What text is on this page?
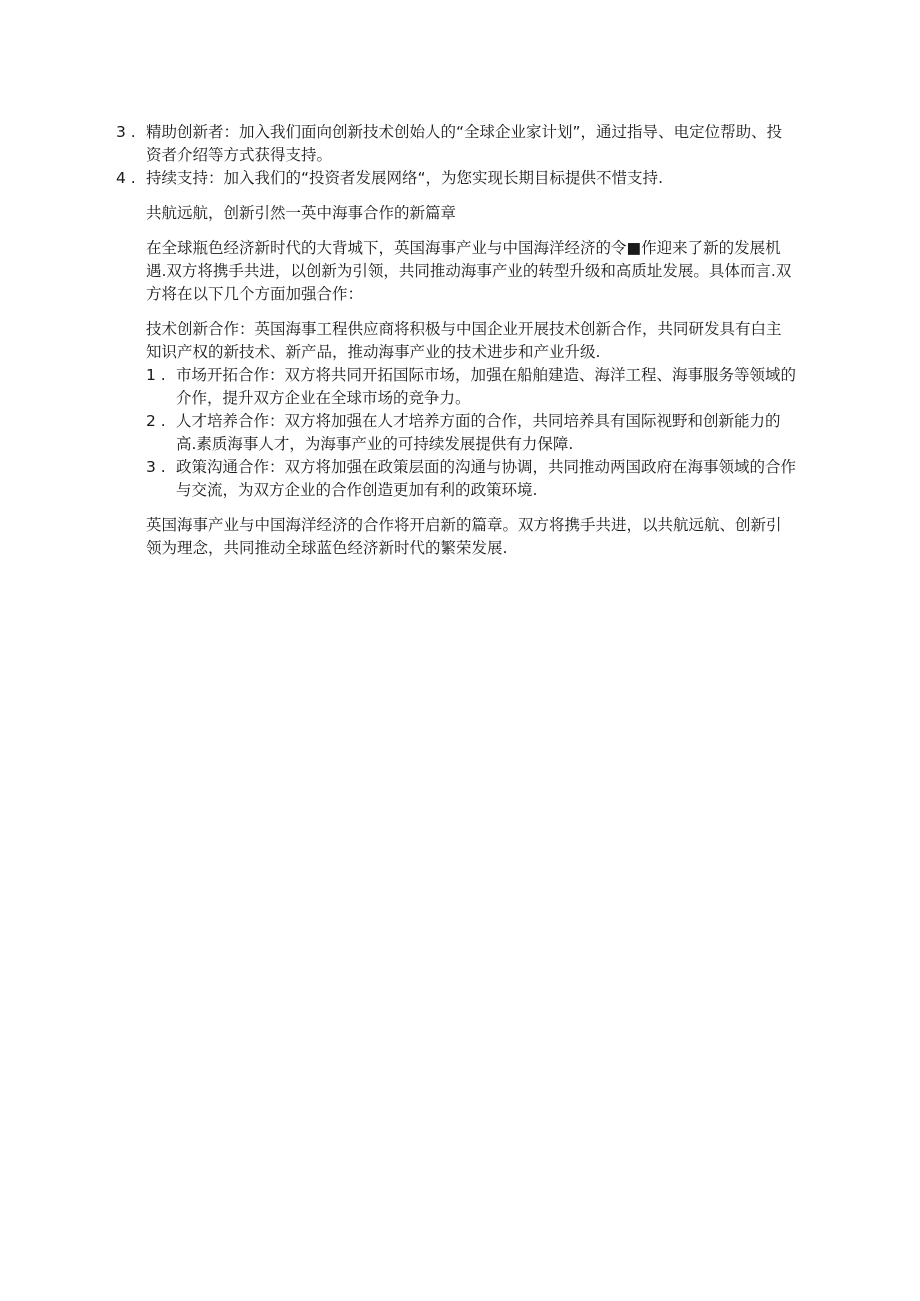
3 . 精助创新者：加入我们面向创新技术创始人的“全球企业家计划”，通过指导、电定位帮助、投资者介绍等方式获得支持。
4 . 持续支持：加入我们的“投资者发展网络“，为您实现长期目标提供不惜支持.
共航远航，创新引然一英中海事合作的新篇章
在全球瓶色经济新时代的大背城下，英国海事产业与中国海洋经济的令■作迎来了新的发展机遇.双方将携手共进，以创新为引领，共同推动海事产业的转型升级和高质址发展。具体而言.双方将在以下几个方面加强合作：
技术创新合作：英国海事工程供应商将积极与中国企业开展技术创新合作，共同研发具有白主知识产权的新技术、新产品，推动海事产业的技术进步和产业升级.
1 . 市场开拓合作：双方将共同开拓国际市场，加强在船舶建造、海洋工程、海事服务等领域的介作，提升双方企业在全球市场的竞争力。
2 . 人才培养合作：双方将加强在人才培养方面的合作，共同培养具有国际视野和创新能力的高.素质海事人才，为海事产业的可持续发展提供有力保障.
3 . 政策沟通合作：双方将加强在政策层面的沟通与协调，共同推动两国政府在海事领域的合作与交流，为双方企业的合作创造更加有利的政策环境.
英国海事产业与中国海洋经济的合作将开启新的篇章。双方将携手共进，以共航远航、创新引领为理念，共同推动全球蓝色经济新时代的繁荣发展.
